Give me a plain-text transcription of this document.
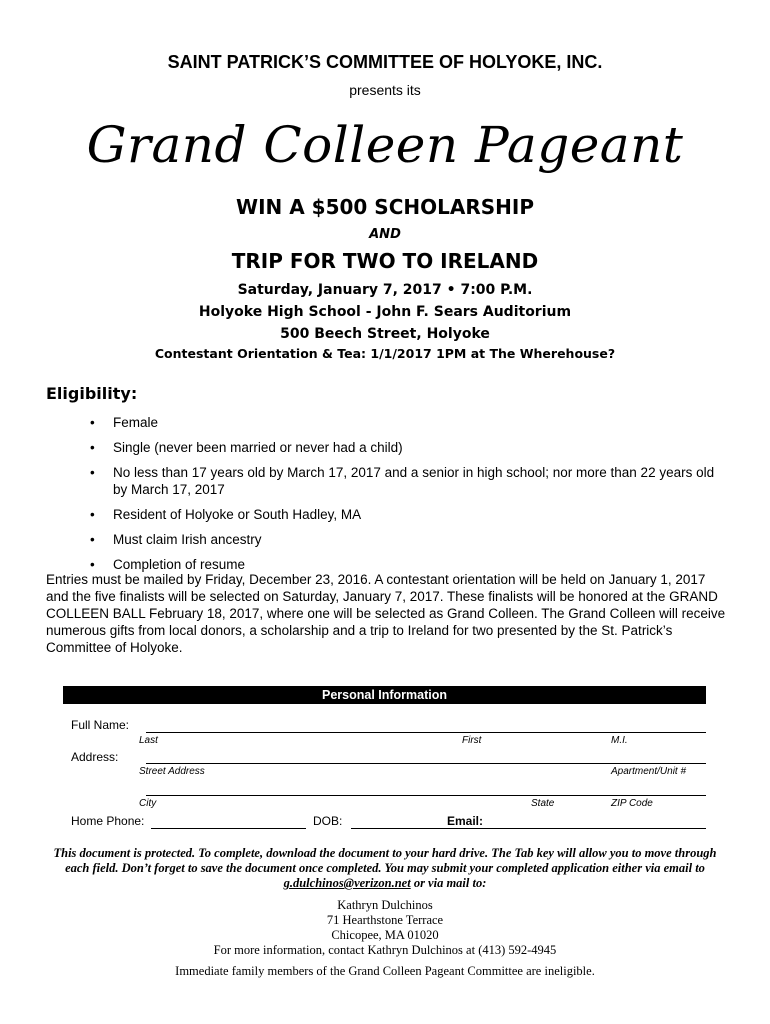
SAINT PATRICK’S COMMITTEE OF HOLYOKE, INC.
presents its
Grand Colleen Pageant
WIN A $500 SCHOLARSHIP
AND
TRIP FOR TWO TO IRELAND
Saturday, January 7, 2017 • 7:00 P.M.
Holyoke High School - John F. Sears Auditorium
500 Beech Street, Holyoke
Contestant Orientation & Tea: 1/1/2017 1PM at The Wherehouse?
Eligibility:
• Female
• Single (never been married or never had a child)
• No less than 17 years old by March 17, 2017 and a senior in high school; nor more than 22 years old by March 17, 2017
• Resident of Holyoke or South Hadley, MA
• Must claim Irish ancestry
• Completion of resume
Entries must be mailed by Friday, December 23, 2016. A contestant orientation will be held on January 1, 2017 and the five finalists will be selected on Saturday, January 7, 2017. These finalists will be honored at the GRAND COLLEEN BALL February 18, 2017, where one will be selected as Grand Colleen. The Grand Colleen will receive numerous gifts from local donors, a scholarship and a trip to Ireland for two presented by the St. Patrick’s Committee of Holyoke.
Personal Information
Full Name:
Last	First	M.I.
Address:
Street Address	Apartment/Unit #
City	State	ZIP Code
Home Phone:	DOB:	Email:
This document is protected. To complete, download the document to your hard drive. The Tab key will allow you to move through each field. Don’t forget to save the document once completed. You may submit your completed application either via email to g.dulchinos@verizon.net or via mail to:
Kathryn Dulchinos
71 Hearthstone Terrace
Chicopee, MA 01020
For more information, contact Kathryn Dulchinos at (413) 592-4945
Immediate family members of the Grand Colleen Pageant Committee are ineligible.
